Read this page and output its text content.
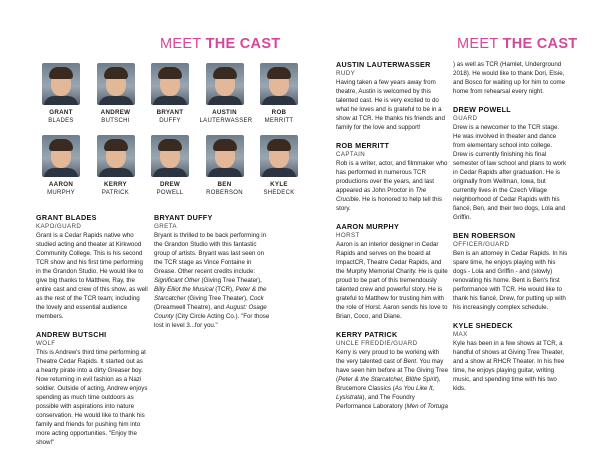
MEET THE CAST	MEET THE CAST
GRANT
BLADES
ANDREW
BUTSCHI
BRYANT
DUFFY
AUSTIN
LAUTERWASSER
ROB
MERRITT
AARON
MURPHY
KERRY
PATRICK
DREW
POWELL
BEN
ROBERSON
KYLE
SHEDECK
GRANT BLADES
KAPO/GUARD

Grant is a Cedar Rapids native who studied acting and theater at Kirkwood Community College. This is his second TCR show and his first time performing in the Grandon Studio. He would like to give big thanks to Matthew, Ray, the entire cast and crew of this show, as well as the rest of the TCR team; including the lovely and essential audience members.

ANDREW BUTSCHI
WOLF

This is Andrew's third time performing at Theatre Cedar Rapids. It started out as a hearty pirate into a dirty Greaser boy. Now returning in evil fashion as a Nazi soldier. Outside of acting, Andrew enjoys spending as much time outdoors as possible with aspirations into nature conservation. He would like to thank his family and friends for pushing him into more acting opportunities. "Enjoy the show!"

BRYANT DUFFY
GRETA

Bryant is thrilled to be back performing in the Grandon Studio with this fantastic group of artists. Bryant was last seen on the TCR stage as Vince Fontaine in Grease. Other recent credits include: Significant Other (Giving Tree Theater), Billy Elliot the Musical (TCR), Peter & the Starcatcher (Giving Tree Theater), Cock (Dreamwell Theatre), and August: Osage County (City Circle Acting Co.). "For those lost in level 3...for you."

AUSTIN LAUTERWASSER
RUDY

Having taken a few years away from theatre, Austin is welcomed by this talented cast. He is very excited to do what he loves and is grateful to be in a show at TCR. He thanks his friends and family for the love and support!

ROB MERRITT
CAPTAIN

Rob is a writer, actor, and filmmaker who has performed in numerous TCR productions over the years, and last appeared as John Proctor in The Crucible. He is honored to help tell this story.

AARON MURPHY
HORST

Aaron is an interior designer in Cedar Rapids and serves on the board at ImpactCR, Theatre Cedar Rapids, and the Murphy Memorial Charity. He is quite proud to be part of this tremendously talented crew and powerful story. He is grateful to Matthew for trusting him with the role of Horst. Aaron sends his love to Brian, Coco, and Diane.

KERRY PATRICK
UNCLE FREDDIE/GUARD

Kerry is very proud to be working with the very talented cast of Bent. You may have seen him before at The Giving Tree (Peter & the Starcatcher, Blithe Spirit), Brucemore Classics (As You Like It, Lysistrata), and The Foundry Performance Laboratory (Men of Tortuga

) as well as TCR (Hamlet, Underground 2018). He would like to thank Dori, Elsie, and Bosco for waiting up for him to come home from rehearsal every night.

DREW POWELL
GUARD

Drew is a newcomer to the TCR stage. He was involved in theater and dance from elementary school into college. Drew is currently finishing his final semester of law school and plans to work in Cedar Rapids after graduation. He is originally from Wellman, Iowa, but currently lives in the Czech Village neighborhood of Cedar Rapids with his fiancé, Ben, and their two dogs, Lola and Griffin.

BEN ROBERSON
OFFICER/GUARD

Ben is an attorney in Cedar Rapids. In his spare time, he enjoys playing with his dogs - Lola and Griffin - and (slowly) renovating his home. Bent is Ben's first performance with TCR. He would like to thank his fiancé, Drew, for putting up with his increasingly complex schedule.

KYLE SHEDECK
MAX

Kyle has been in a few shows at TCR, a handful of shows at Giving Tree Theater, and a show at RHCR Theater. In his free time, he enjoys playing guitar, writing music, and spending time with his two kids.
